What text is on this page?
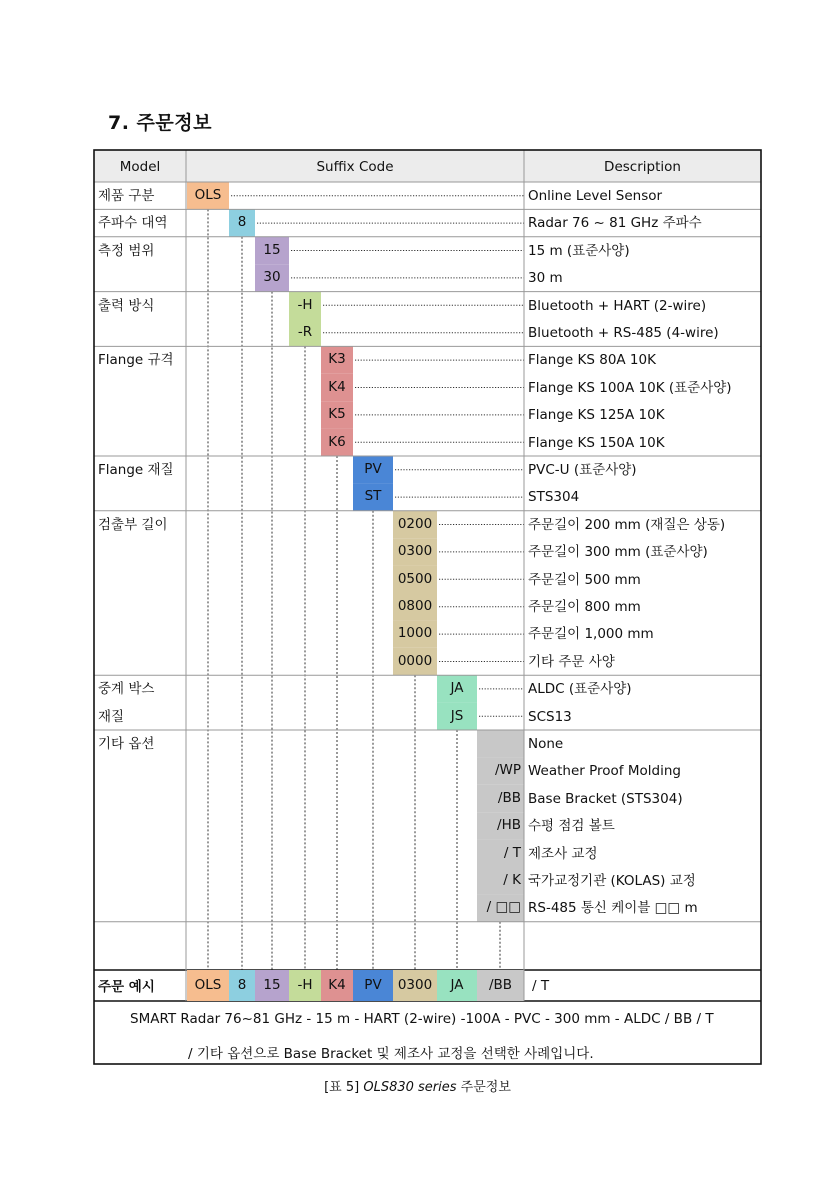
7. 주문정보
Model	Suffix Code	Description
제품 구분	OLS	Online Level Sensor
주파수 대역	8	Radar 76 ~ 81 GHz 주파수
측정 범위	15	15 m (표준사양)
30	30 m
출력 방식	-H	Bluetooth + HART (2-wire)
-R	Bluetooth + RS-485 (4-wire)
Flange 규격	K3	Flange KS 80A 10K
K4	Flange KS 100A 10K (표준사양)
K5	Flange KS 125A 10K
K6	Flange KS 150A 10K
Flange 재질	PV	PVC-U (표준사양)
ST	STS304
검출부 길이	0200	주문길이 200 mm (재질은 상동)
0300	주문길이 300 mm (표준사양)
0500	주문길이 500 mm
0800	주문길이 800 mm
1000	주문길이 1,000 mm
0000	기타 주문 사양
중계 박스
재질
JA	ALDC (표준사양)
JS	SCS13
기타 옵션	None
/WP Weather Proof Molding
/BB Base Bracket (STS304)
/HB 수평 점검 볼트
/ T 제조사 교정
/ K 국가교정기관 (KOLAS) 교정
/ □□ RS-485 통신 케이블 □□ m
주문 예시	OLS	8	15	-H	K4	PV	0300	JA	/BB	/ T
SMART Radar 76~81 GHz - 15 m - HART (2-wire) -100A - PVC - 300 mm - ALDC / BB / T
/ 기타 옵션으로 Base Bracket 및 제조사 교정을 선택한 사례입니다.
[표 5] OLS830 series 주문정보
